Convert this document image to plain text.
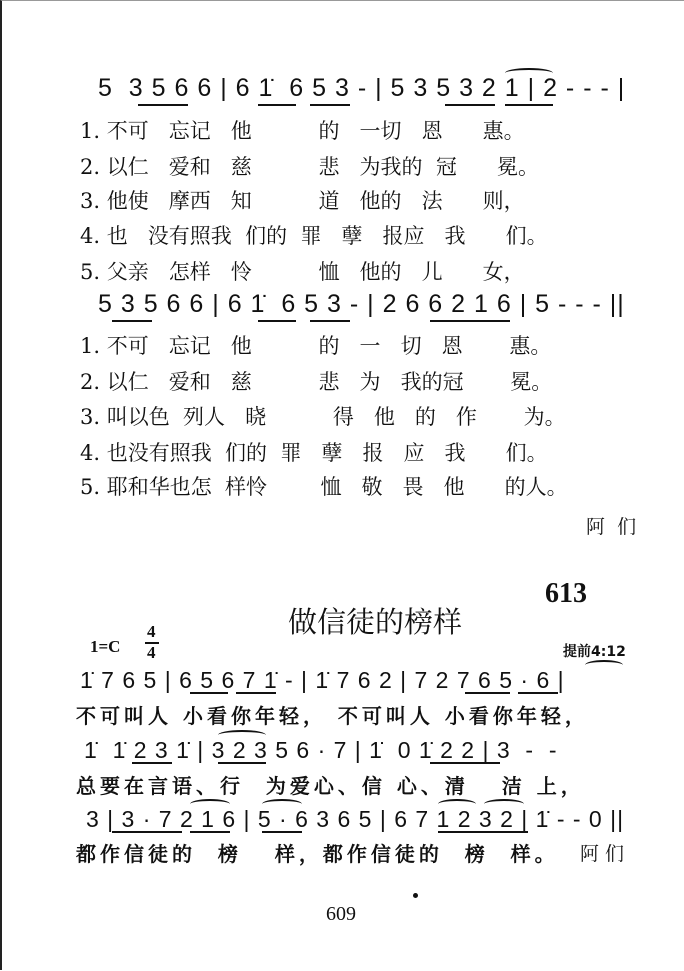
5  3 5 6 6 | 6 1̇  6 5 3 - | 5 3 5 3 2 1 | 2 - - - |
1. 不可   忘记   他          的   一切   恩      惠。
2. 以仁   爱和   慈          悲   为我的  冠      冕。
3. 他使   摩西   知          道   他的   法      则，
4. 也   没有照我  们的  罪   孽   报应   我      们。
5. 父亲   怎样   怜          恤   他的   儿      女，
5 3 5 6 6 | 6 1̇  6 5 3 - | 2 6 6 2 1 6 | 5 - - - ||
1. 不可   忘记   他          的   一   切   恩       惠。
2. 以仁   爱和   慈          悲   为   我的冠       冕。
3. 叫以色  列人   晓          得   他   的   作       为。
4. 也没有照我  们的  罪   孽   报   应   我      们。
5. 耶和华也怎  样怜        恤   敬   畏   他      的人。
阿  们
613
做信徒的榜样
1=C
4
4	提前4:12
1̇ 7 6 5 | 6 5 6 7 1̇ - | 1̇ 7 6 2 | 7 2 7 6 5 · 6 |
不可叫人 小看你年轻， 不可叫人 小看你年轻，
1̇  1̇ 2 3 1̇ | 3 2 3 5 6 · 7 | 1̇  0 1̇ 2 2 | 3  -  -
总要在言语、行  为爱心、信 心、清   洁 上，
3 | 3 · 7 2 1 6 | 5 · 6 3 6 5 | 6 7 1 2 3 2 | 1̇ - - 0 ||
都作信徒的  榜   样，都作信徒的  榜  样。 阿 们
609
